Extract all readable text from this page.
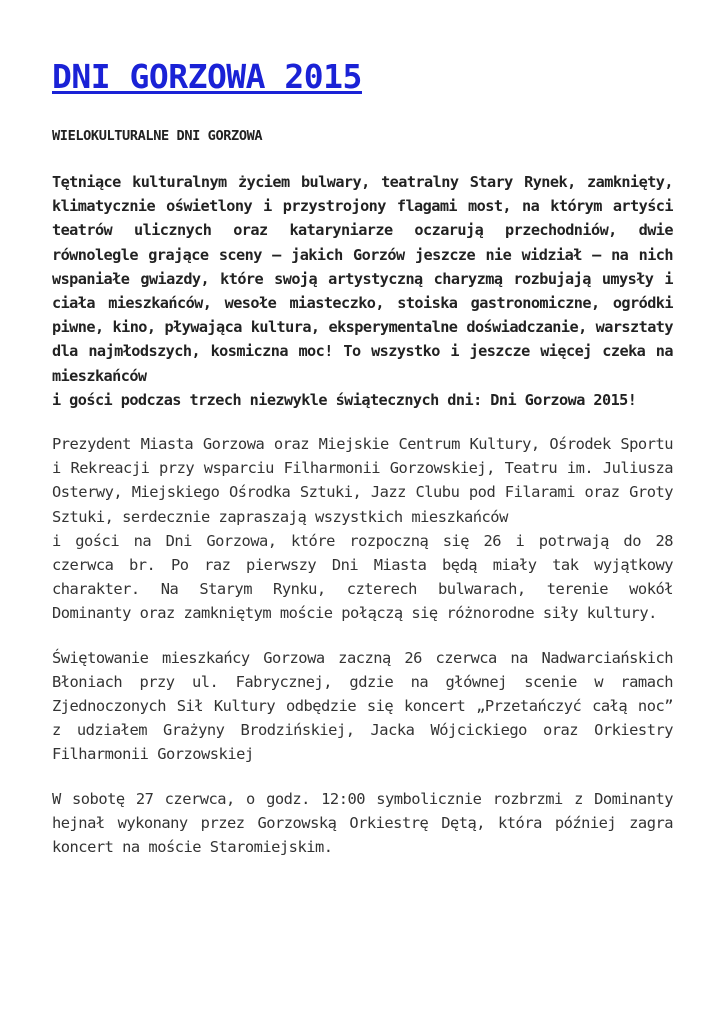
DNI GORZOWA 2015

WIELOKULTURALNE DNI GORZOWA

Tętniące kulturalnym życiem bulwary, teatralny Stary Rynek, zamknięty, klimatycznie oświetlony i przystrojony flagami most, na którym artyści teatrów ulicznych oraz kataryniarze oczarują przechodniów, dwie równolegle grające sceny – jakich Gorzów jeszcze nie widział – na nich wspaniałe gwiazdy, które swoją artystyczną charyzmą rozbujają umysły i ciała mieszkańców, wesołe miasteczko, stoiska gastronomiczne, ogródki piwne, kino, pływająca kultura, eksperymentalne doświadczanie, warsztaty dla najmłodszych, kosmiczna moc! To wszystko i jeszcze więcej czeka na mieszkańców
i gości podczas trzech niezwykle świątecznych dni: Dni Gorzowa 2015!

Prezydent Miasta Gorzowa oraz Miejskie Centrum Kultury, Ośrodek Sportu i Rekreacji przy wsparciu Filharmonii Gorzowskiej, Teatru im. Juliusza Osterwy, Miejskiego Ośrodka Sztuki, Jazz Clubu pod Filarami oraz Groty Sztuki, serdecznie zapraszają wszystkich mieszkańców
i gości na Dni Gorzowa, które rozpoczną się 26 i potrwają do 28 czerwca br. Po raz pierwszy Dni Miasta będą miały tak wyjątkowy charakter. Na Starym Rynku, czterech bulwarach, terenie wokół Dominanty oraz zamkniętym moście połączą się różnorodne siły kultury.

Świętowanie mieszkańcy Gorzowa zaczną 26 czerwca na Nadwarciańskich Błoniach przy ul. Fabrycznej, gdzie na głównej scenie w ramach Zjednoczonych Sił Kultury odbędzie się koncert „Przetańczyć całą noc” z udziałem Grażyny Brodzińskiej, Jacka Wójcickiego oraz Orkiestry Filharmonii Gorzowskiej

W sobotę 27 czerwca, o godz. 12:00 symbolicznie rozbrzmi z Dominanty hejnał wykonany przez Gorzowską Orkiestrę Dętą, która później zagra koncert na moście Staromiejskim.
